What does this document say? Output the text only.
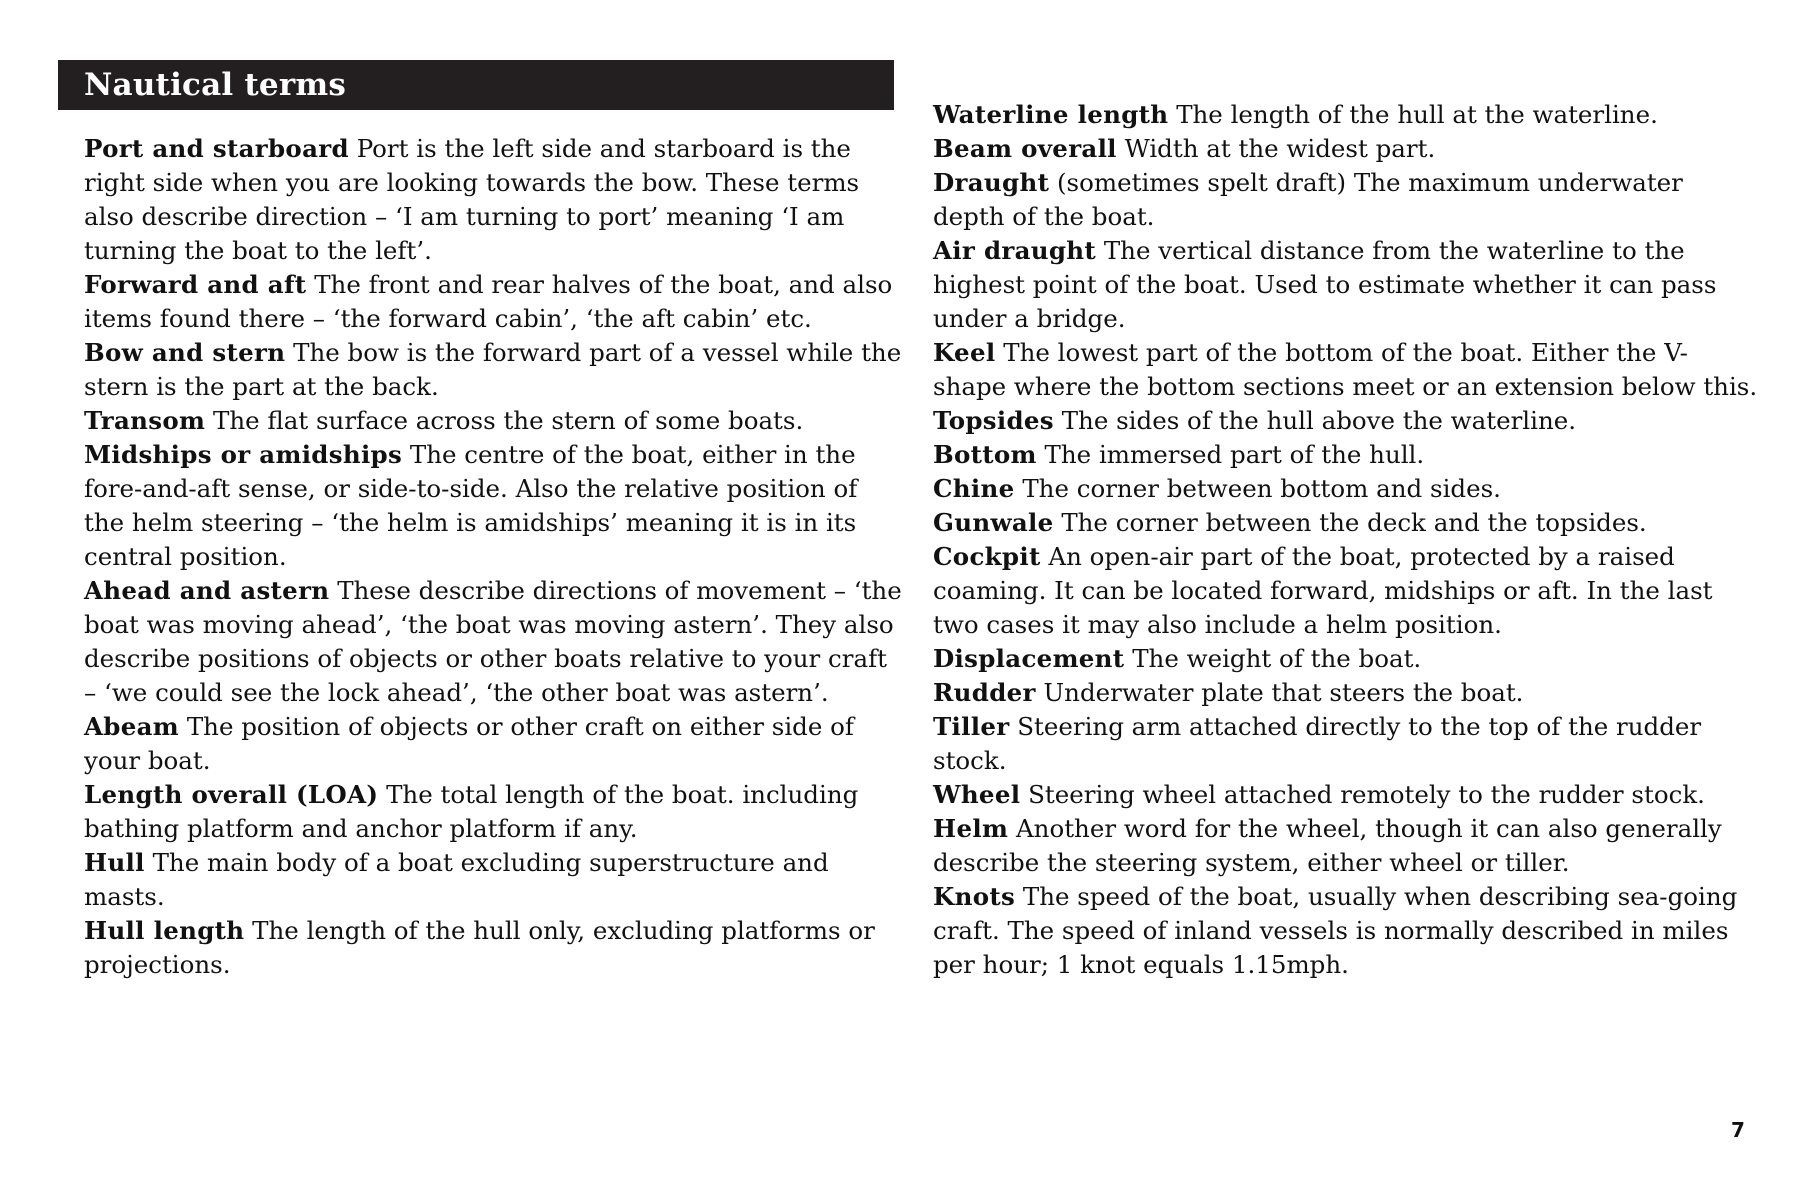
Nautical terms

Port and starboard Port is the left side and starboard is the right side when you are looking towards the bow. These terms also describe direction – ‘I am turning to port’ meaning ‘I am turning the boat to the left’.

Forward and aft The front and rear halves of the boat, and also items found there – ‘the forward cabin’, ‘the aft cabin’ etc.

Bow and stern The bow is the forward part of a vessel while the stern is the part at the back.

Transom The flat surface across the stern of some boats.

Midships or amidships The centre of the boat, either in the fore-and-aft sense, or side-to-side. Also the relative position of the helm steering – ‘the helm is amidships’ meaning it is in its central position.

Ahead and astern These describe directions of movement – ‘the boat was moving ahead’, ‘the boat was moving astern’. They also describe positions of objects or other boats relative to your craft – ‘we could see the lock ahead’, ‘the other boat was astern’.

Abeam The position of objects or other craft on either side of your boat.

Length overall (LOA) The total length of the boat. including bathing platform and anchor platform if any.

Hull The main body of a boat excluding superstructure and masts.

Hull length The length of the hull only, excluding platforms or projections.

Waterline length The length of the hull at the waterline.

Beam overall Width at the widest part.

Draught (sometimes spelt draft) The maximum underwater depth of the boat.

Air draught The vertical distance from the waterline to the highest point of the boat. Used to estimate whether it can pass under a bridge.

Keel The lowest part of the bottom of the boat. Either the V-shape where the bottom sections meet or an extension below this.

Topsides The sides of the hull above the waterline.

Bottom The immersed part of the hull.

Chine The corner between bottom and sides.

Gunwale The corner between the deck and the topsides.

Cockpit An open-air part of the boat, protected by a raised coaming. It can be located forward, midships or aft. In the last two cases it may also include a helm position.

Displacement The weight of the boat.

Rudder Underwater plate that steers the boat.

Tiller Steering arm attached directly to the top of the rudder stock.

Wheel Steering wheel attached remotely to the rudder stock.

Helm Another word for the wheel, though it can also generally describe the steering system, either wheel or tiller.

Knots The speed of the boat, usually when describing sea-going craft. The speed of inland vessels is normally described in miles per hour; 1 knot equals 1.15mph.

7
